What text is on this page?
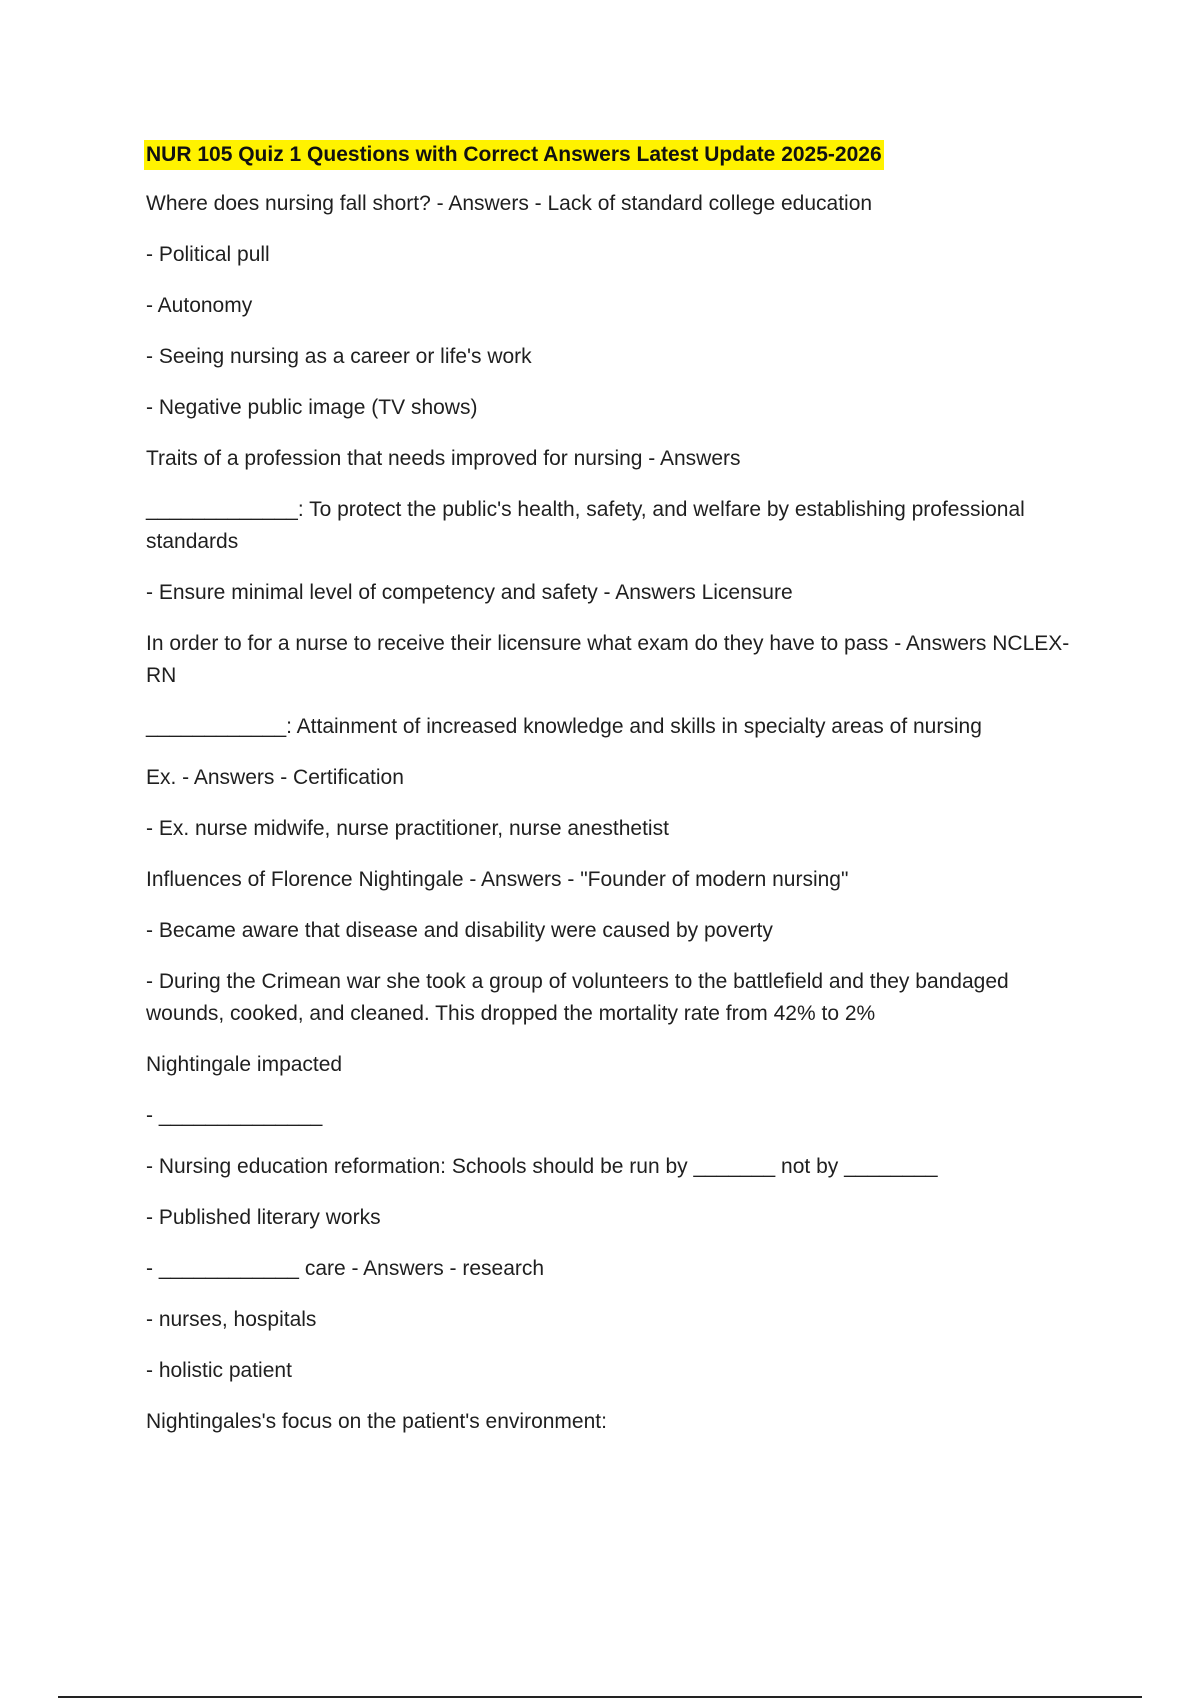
NUR 105 Quiz 1 Questions with Correct Answers Latest Update 2025-2026

Where does nursing fall short? - Answers - Lack of standard college education

- Political pull

- Autonomy

- Seeing nursing as a career or life's work

- Negative public image (TV shows)

Traits of a profession that needs improved for nursing - Answers

_____________: To protect the public's health, safety, and welfare by establishing professional standards

- Ensure minimal level of competency and safety - Answers Licensure

In order to for a nurse to receive their licensure what exam do they have to pass - Answers NCLEX-RN

____________: Attainment of increased knowledge and skills in specialty areas of nursing

Ex. - Answers - Certification

- Ex. nurse midwife, nurse practitioner, nurse anesthetist

Influences of Florence Nightingale - Answers - "Founder of modern nursing"

- Became aware that disease and disability were caused by poverty

- During the Crimean war she took a group of volunteers to the battlefield and they bandaged wounds, cooked, and cleaned. This dropped the mortality rate from 42% to 2%

Nightingale impacted

- ______________

- Nursing education reformation: Schools should be run by _______ not by ________

- Published literary works

- ____________ care - Answers - research

- nurses, hospitals

- holistic patient

Nightingales's focus on the patient's environment:
